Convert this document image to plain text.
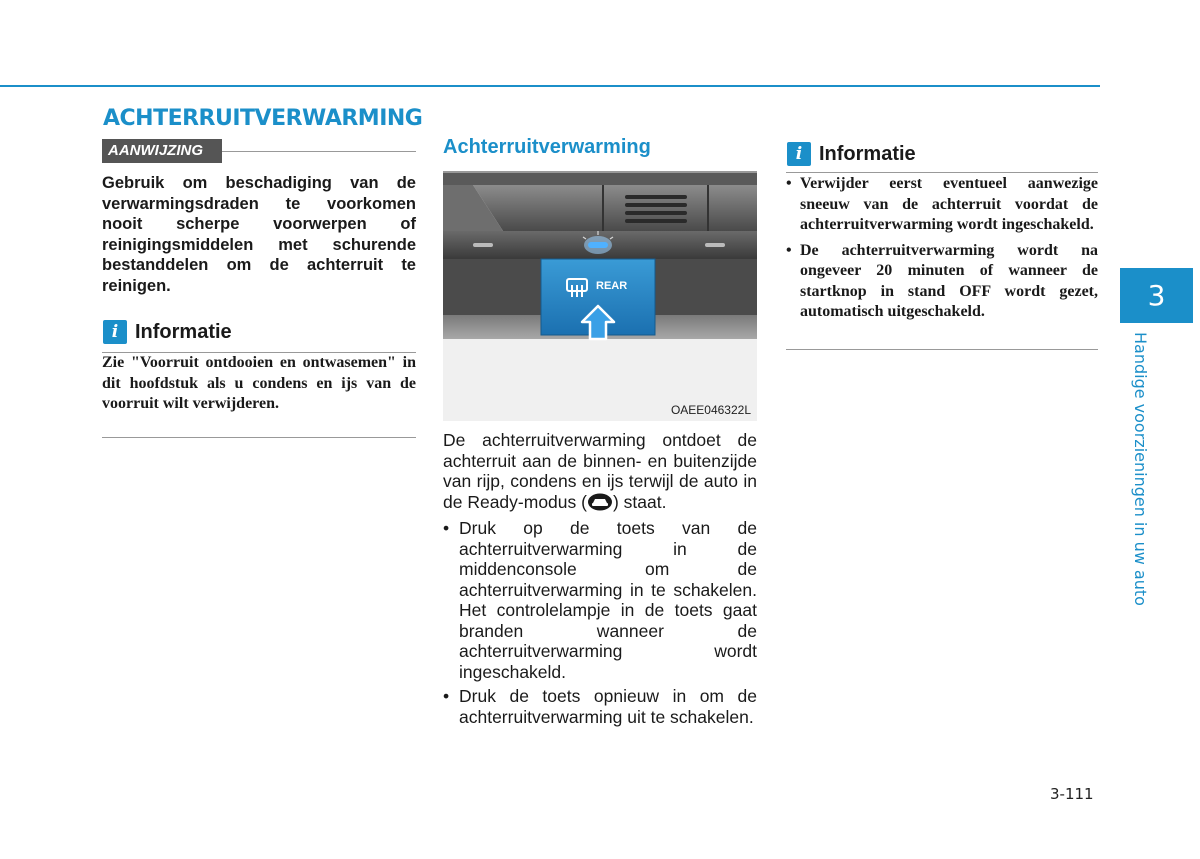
ACHTERRUITVERWARMING
AANWIJZING
Gebruik om beschadiging van de verwarmingsdraden te voorkomen nooit scherpe voorwerpen of reinigingsmiddelen met schurende bestanddelen om de achterruit te reinigen.
i Informatie
Zie "Voorruit ontdooien en ontwasemen" in dit hoofdstuk als u condens en ijs van de voorruit wilt verwijderen.
Achterruitverwarming
REAR
OAEE046322L
De achterruitverwarming ontdoet de achterruit aan de binnen- en buitenzijde van rijp, condens en ijs terwijl de auto in de Ready-modus ( ) staat.
• Druk op de toets van de achterruitverwarming in de middenconsole om de achterruitverwarming in te schakelen. Het controlelampje in de toets gaat branden wanneer de achterruitverwarming wordt ingeschakeld.
• Druk de toets opnieuw in om de achterruitverwarming uit te schakelen.
i Informatie
• Verwijder eerst eventueel aanwezige sneeuw van de achterruit voordat de achterruitverwarming wordt ingeschakeld.
• De achterruitverwarming wordt na ongeveer 20 minuten of wanneer de startknop in stand OFF wordt gezet, automatisch uitgeschakeld.	3
Handige voorzieningen in uw auto
3-111
